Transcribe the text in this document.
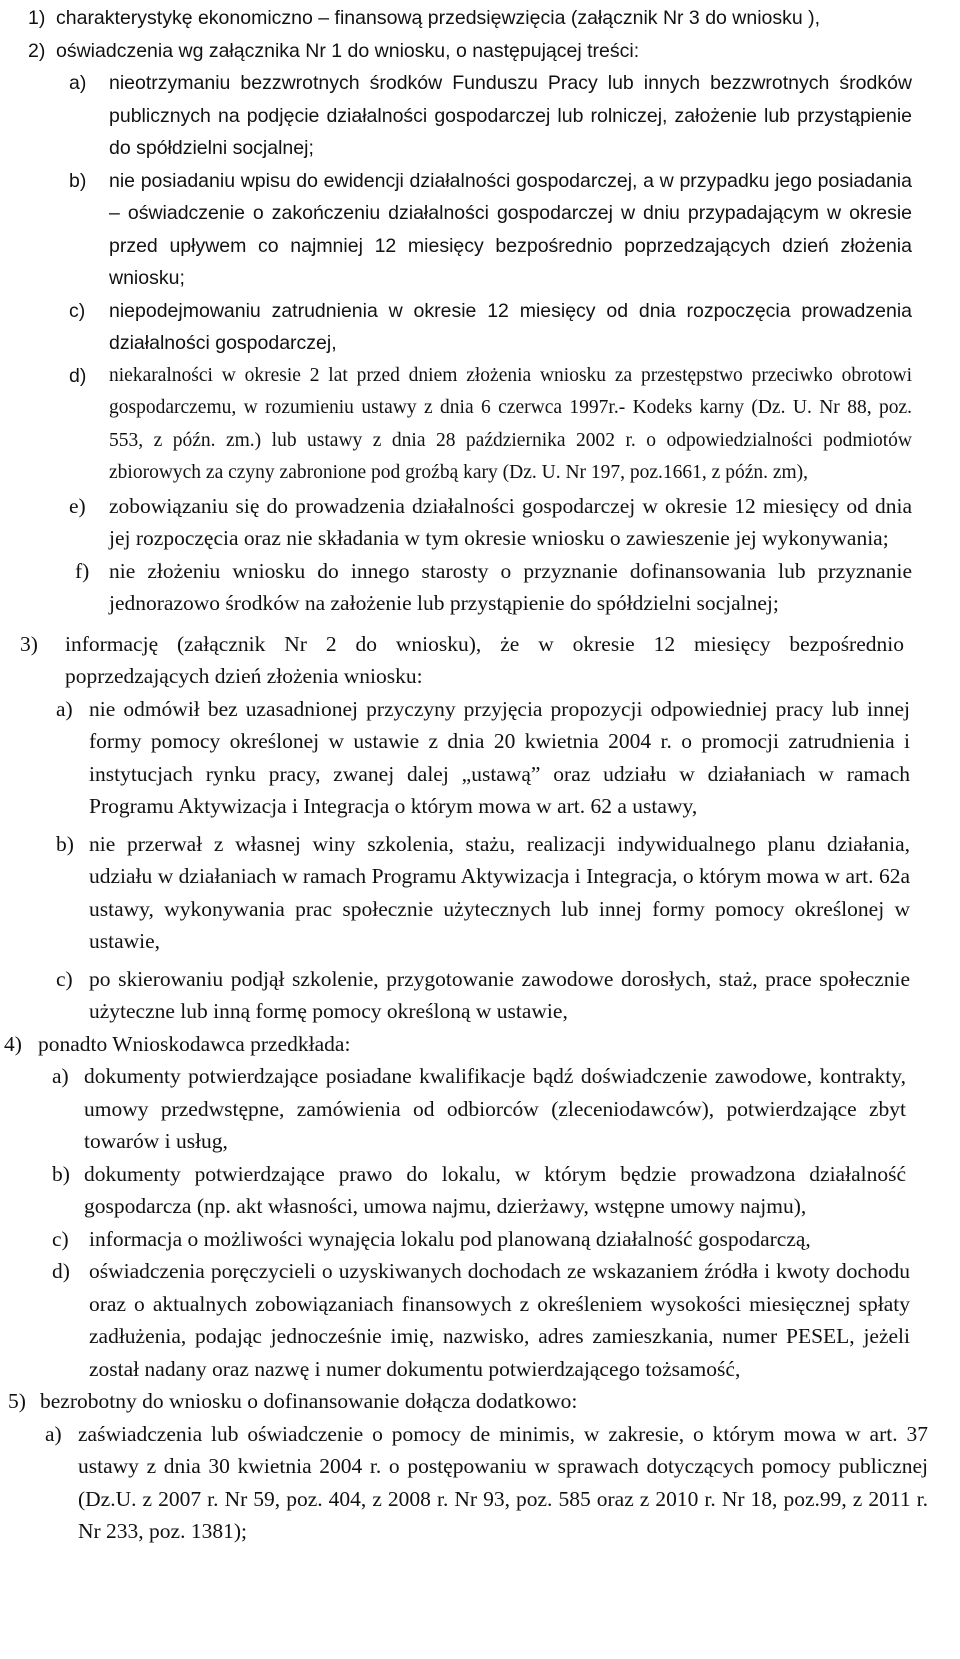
1) charakterystykę ekonomiczno – finansową przedsięwzięcia (załącznik Nr 3 do wniosku ),
2) oświadczenia wg załącznika Nr 1 do wniosku, o następującej treści:
a) nieotrzymaniu bezzwrotnych środków Funduszu Pracy lub innych bezzwrotnych środków publicznych na podjęcie działalności gospodarczej lub rolniczej, założenie lub przystąpienie do spółdzielni socjalnej;
b) nie posiadaniu wpisu do ewidencji działalności gospodarczej, a w przypadku jego posiadania – oświadczenie o zakończeniu działalności gospodarczej w dniu przypadającym w okresie przed upływem co najmniej 12 miesięcy bezpośrednio poprzedzających dzień złożenia wniosku;
c) niepodejmowaniu zatrudnienia w okresie 12 miesięcy od dnia rozpoczęcia prowadzenia działalności gospodarczej,
d) niekaralności w okresie 2 lat przed dniem złożenia wniosku za przestępstwo przeciwko obrotowi gospodarczemu, w rozumieniu ustawy z dnia 6 czerwca 1997r.- Kodeks karny (Dz. U. Nr 88, poz. 553, z późn. zm.) lub ustawy z dnia 28 października 2002 r. o odpowiedzialności podmiotów zbiorowych za czyny zabronione pod groźbą kary (Dz. U. Nr 197, poz.1661, z późn. zm),
e) zobowiązaniu się do prowadzenia działalności gospodarczej w okresie 12 miesięcy od dnia jej rozpoczęcia oraz nie składania w tym okresie wniosku o zawieszenie jej wykonywania;
f) nie złożeniu wniosku do innego starosty o przyznanie dofinansowania lub przyznanie jednorazowo środków na założenie lub przystąpienie do spółdzielni socjalnej;
3) informację (załącznik Nr 2 do wniosku), że w okresie 12 miesięcy bezpośrednio poprzedzających dzień złożenia wniosku:
a) nie odmówił bez uzasadnionej przyczyny przyjęcia propozycji odpowiedniej pracy lub innej formy pomocy określonej w ustawie z dnia 20 kwietnia 2004 r. o promocji zatrudnienia i instytucjach rynku pracy, zwanej dalej „ustawą” oraz udziału w działaniach w ramach Programu Aktywizacja i Integracja o którym mowa w art. 62 a ustawy,
b) nie przerwał z własnej winy szkolenia, stażu, realizacji indywidualnego planu działania, udziału w działaniach w ramach Programu Aktywizacja i Integracja, o którym mowa w art. 62a ustawy, wykonywania prac społecznie użytecznych lub innej formy pomocy określonej w ustawie,
c) po skierowaniu podjął szkolenie, przygotowanie zawodowe dorosłych, staż, prace społecznie użyteczne lub inną formę pomocy określoną w ustawie,
4) ponadto Wnioskodawca przedkłada:
a) dokumenty potwierdzające posiadane kwalifikacje bądź doświadczenie zawodowe, kontrakty, umowy przedwstępne, zamówienia od odbiorców (zleceniodawców), potwierdzające zbyt towarów i usług,
b) dokumenty potwierdzające prawo do lokalu, w którym będzie prowadzona działalność gospodarcza (np. akt własności, umowa najmu, dzierżawy, wstępne umowy najmu),
c) informacja o możliwości wynajęcia lokalu pod planowaną działalność gospodarczą,
d) oświadczenia poręczycieli o uzyskiwanych dochodach ze wskazaniem źródła i kwoty dochodu oraz o aktualnych zobowiązaniach finansowych z określeniem wysokości miesięcznej spłaty zadłużenia, podając jednocześnie imię, nazwisko, adres zamieszkania, numer PESEL, jeżeli został nadany oraz nazwę i numer dokumentu potwierdzającego tożsamość,
5) bezrobotny do wniosku o dofinansowanie dołącza dodatkowo:
a) zaświadczenia lub oświadczenie o pomocy de minimis, w zakresie, o którym mowa w art. 37 ustawy z dnia 30 kwietnia 2004 r. o postępowaniu w sprawach dotyczących pomocy publicznej (Dz.U. z 2007 r. Nr 59, poz. 404, z 2008 r. Nr 93, poz. 585 oraz z 2010 r. Nr 18, poz.99, z 2011 r. Nr 233, poz. 1381);
